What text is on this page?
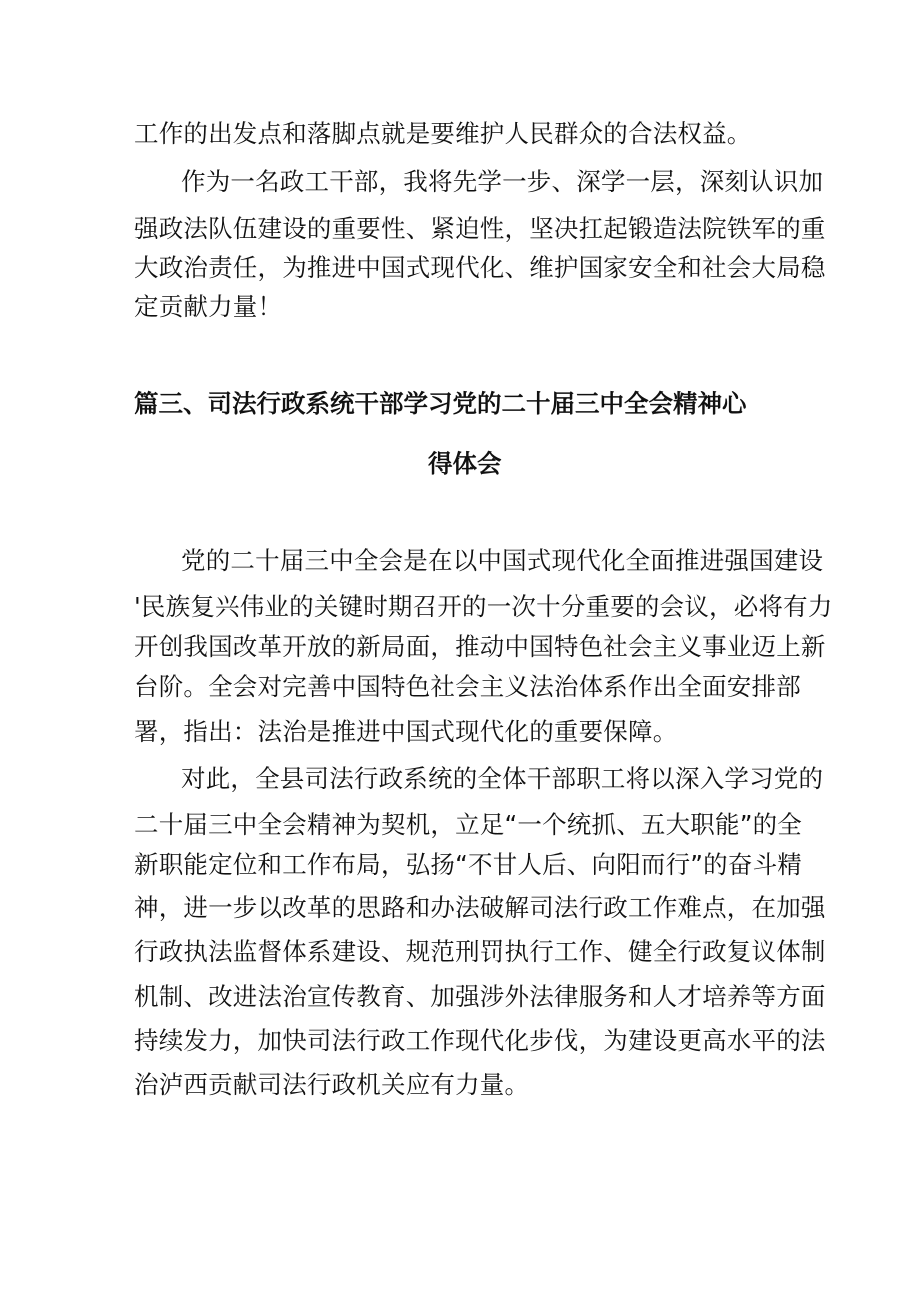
工作的出发点和落脚点就是要维护人民群众的合法权益。
作为一名政工干部，我将先学一步、深学一层，深刻认识加
强政法队伍建设的重要性、紧迫性，坚决扛起锻造法院铁军的重
大政治责任，为推进中国式现代化、维护国家安全和社会大局稳
定贡献力量！
篇三、司法行政系统干部学习党的二十届三中全会精神心
得体会
党的二十届三中全会是在以中国式现代化全面推进强国建设
'民族复兴伟业的关键时期召开的一次十分重要的会议，必将有力
开创我国改革开放的新局面，推动中国特色社会主义事业迈上新
台阶。全会对完善中国特色社会主义法治体系作出全面安排部
署，指出：法治是推进中国式现代化的重要保障。
对此，全县司法行政系统的全体干部职工将以深入学习党的
二十届三中全会精神为契机，立足“一个统抓、五大职能”的全
新职能定位和工作布局，弘扬“不甘人后、向阳而行”的奋斗精
神，进一步以改革的思路和办法破解司法行政工作难点，在加强
行政执法监督体系建设、规范刑罚执行工作、健全行政复议体制
机制、改进法治宣传教育、加强涉外法律服务和人才培养等方面
持续发力，加快司法行政工作现代化步伐，为建设更高水平的法
治泸西贡献司法行政机关应有力量。
